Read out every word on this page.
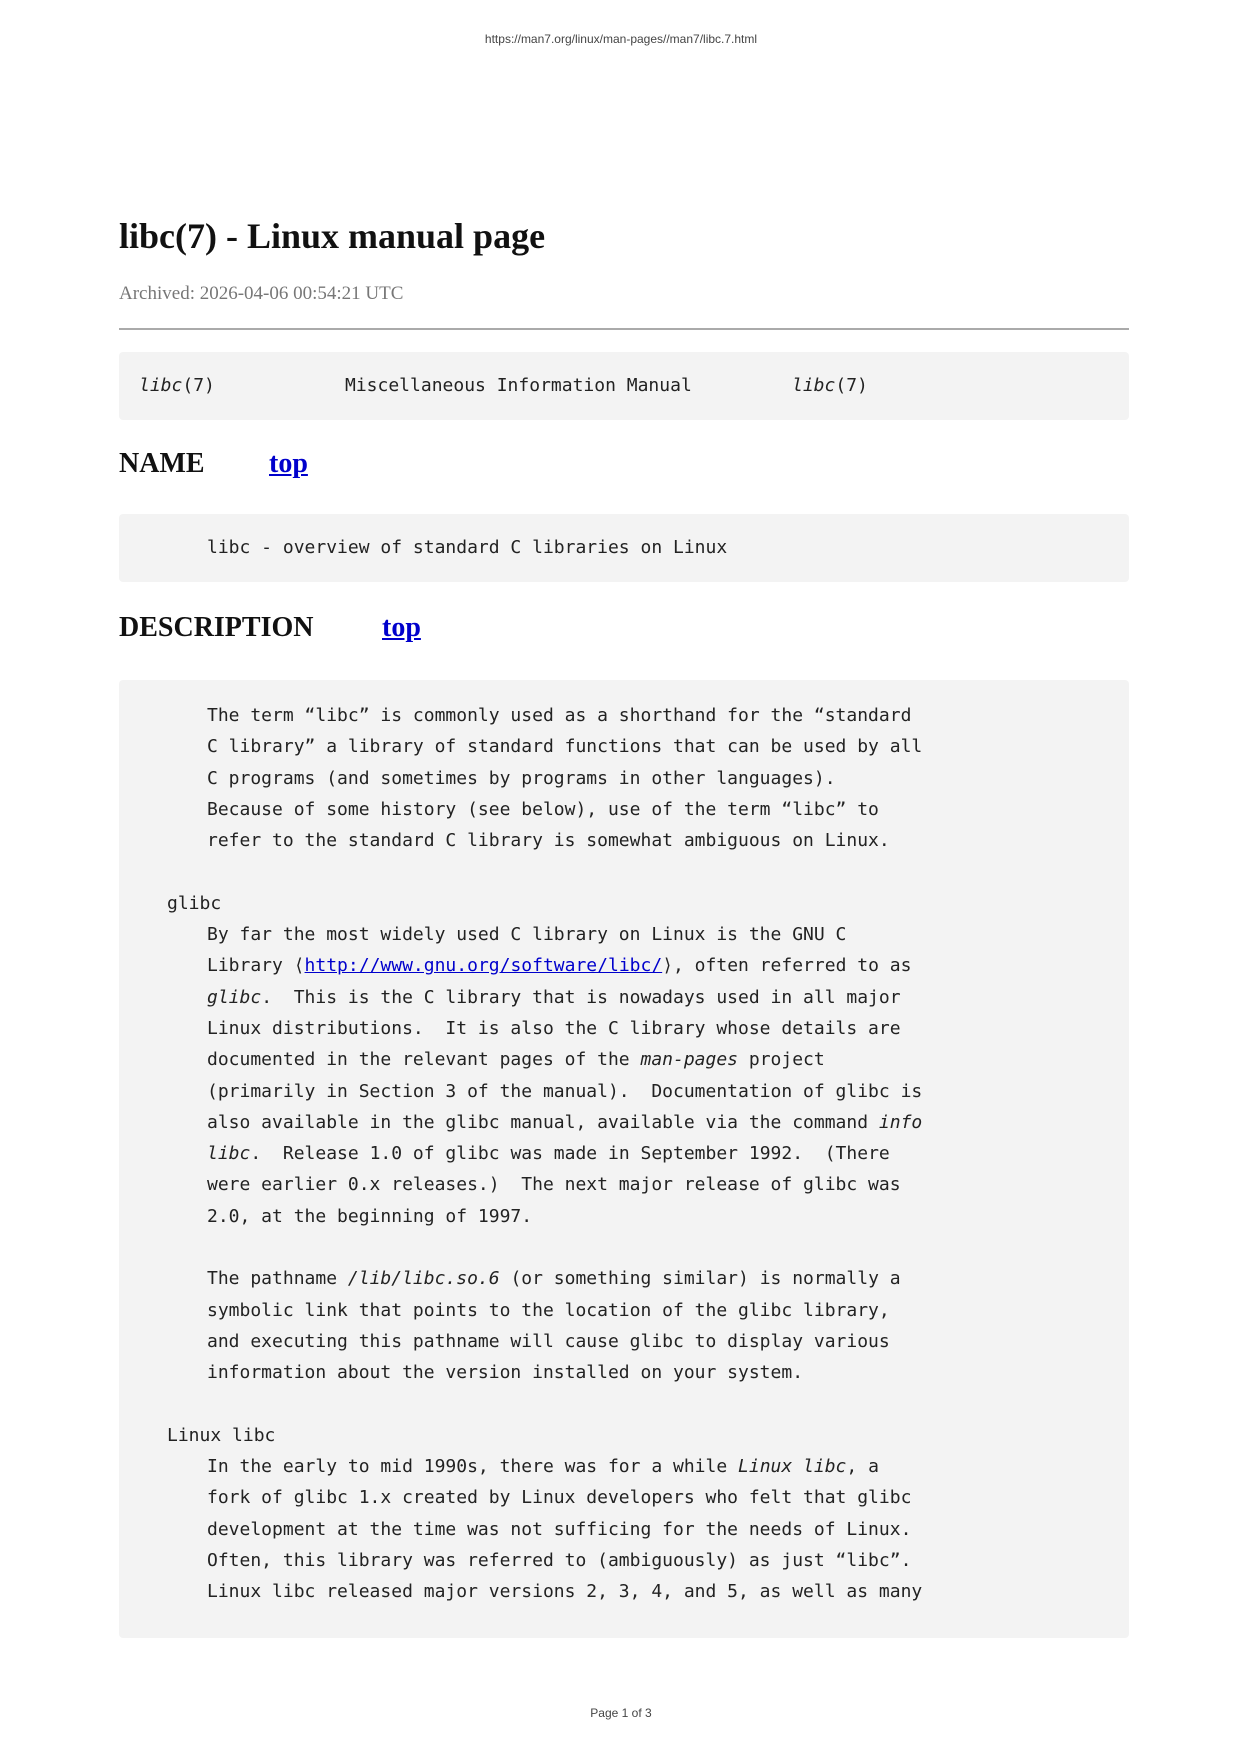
https://man7.org/linux/man-pages//man7/libc.7.html
libc(7) - Linux manual page
Archived: 2026-04-06 00:54:21 UTC
libc(7)	Miscellaneous Information Manual	libc(7)
NAME top
libc - overview of standard C libraries on Linux
DESCRIPTION top
The term “libc” is commonly used as a shorthand for the “standard
C library” a library of standard functions that can be used by all
C programs (and sometimes by programs in other languages).
Because of some history (see below), use of the term “libc” to
refer to the standard C library is somewhat ambiguous on Linux.
glibc
By far the most widely used C library on Linux is the GNU C
Library ⟨http://www.gnu.org/software/libc/⟩, often referred to as
glibc.  This is the C library that is nowadays used in all major
Linux distributions.  It is also the C library whose details are
documented in the relevant pages of the man-pages project
(primarily in Section 3 of the manual).  Documentation of glibc is
also available in the glibc manual, available via the command info
libc.  Release 1.0 of glibc was made in September 1992.  (There
were earlier 0.x releases.)  The next major release of glibc was
2.0, at the beginning of 1997.
The pathname /lib/libc.so.6 (or something similar) is normally a
symbolic link that points to the location of the glibc library,
and executing this pathname will cause glibc to display various
information about the version installed on your system.
Linux libc
In the early to mid 1990s, there was for a while Linux libc, a
fork of glibc 1.x created by Linux developers who felt that glibc
development at the time was not sufficing for the needs of Linux.
Often, this library was referred to (ambiguously) as just “libc”.
Linux libc released major versions 2, 3, 4, and 5, as well as many
Page 1 of 3
